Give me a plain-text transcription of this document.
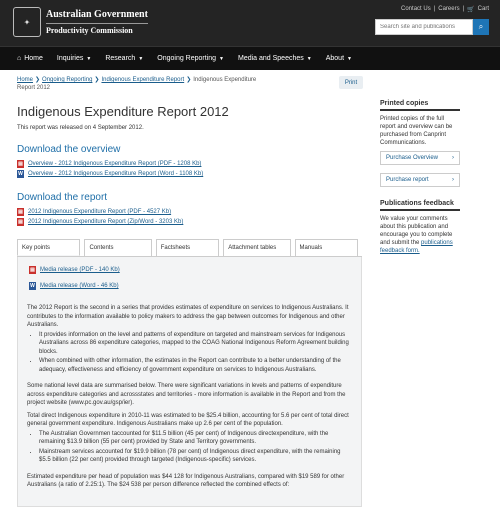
✦
Australian Government
Productivity Commission
Contact Us | Careers | 🛒 Cart
Search site and publications
⌕
⌂ Home Inquiries ▼ Research ▼ Ongoing Reporting ▼ Media and Speeches ▼ About ▼
Home ❯ Ongoing Reporting ❯ Indigenous Expenditure Report ❯ Indigenous Expenditure Report 2012
Print
Indigenous Expenditure Report 2012
This report was released on 4 September 2012.
Download the overview
▤ Overview - 2012 Indigenous Expenditure Report (PDF - 1208 Kb)
W Overview - 2012 Indigenous Expenditure Report (Word - 1108 Kb)
Download the report
▤ 2012 Indigenous Expenditure Report (PDF - 4527 Kb)
▤ 2012 Indigenous Expenditure Report (Zip/Word - 3203 Kb)
Key points	Contents	Factsheets	Attachment tables	Manuals
▤ Media release (PDF - 140 Kb)
W Media release (Word - 46 Kb)

The 2012 Report is the second in a series that provides estimates of expenditure on services to Indigenous Australians. It contributes to the information available to policy makers to address the gap between outcomes for Indigenous and other Australians.

• It provides information on the level and patterns of expenditure on targeted and mainstream services for Indigenous Australians across 86 expenditure categories, mapped to the COAG National Indigenous Reform Agreement building blocks.
• When combined with other information, the estimates in the Report can contribute to a better understanding of the adequacy, effectiveness and efficiency of government expenditure on services to Indigenous Australians.

Some national level data are summarised below. There were significant variations in levels and patterns of expenditure across expenditure categories and acrossstates and territories - more information is available in the Report and from the project website (www.pc.gov.au/gsp/ier).

Total direct Indigenous expenditure in 2010-11 was estimated to be $25.4 billion, accounting for 5.6 per cent of total direct general government expenditure. Indigenous Australians make up 2.6 per cent of the population.

• The Australian Governmen taccounted for $11.5 billion (45 per cent) of Indigenous directexpenditure, with the remaining $13.9 billion (55 per cent) provided by State and Territory governments.
• Mainstream services accounted for $19.9 billion (78 per cent) of Indigenous direct expenditure, with the remaining $5.5 billion (22 per cent) provided through targeted (Indigenous-specific) services.

Estimated expenditure per head of population was $44 128 for Indigenous Australians, compared with $19 589 for other Australians (a ratio of 2.25:1). The $24 538 per person difference reflected the combined effects of:

Printed copies

Printed copies of the full report and overview can be purchased from Canprint Communications.

Purchase Overview ›
Purchase report	›
Publications feedback

We value your comments about this publication and encourage you to complete and submit the publications feedback form.
